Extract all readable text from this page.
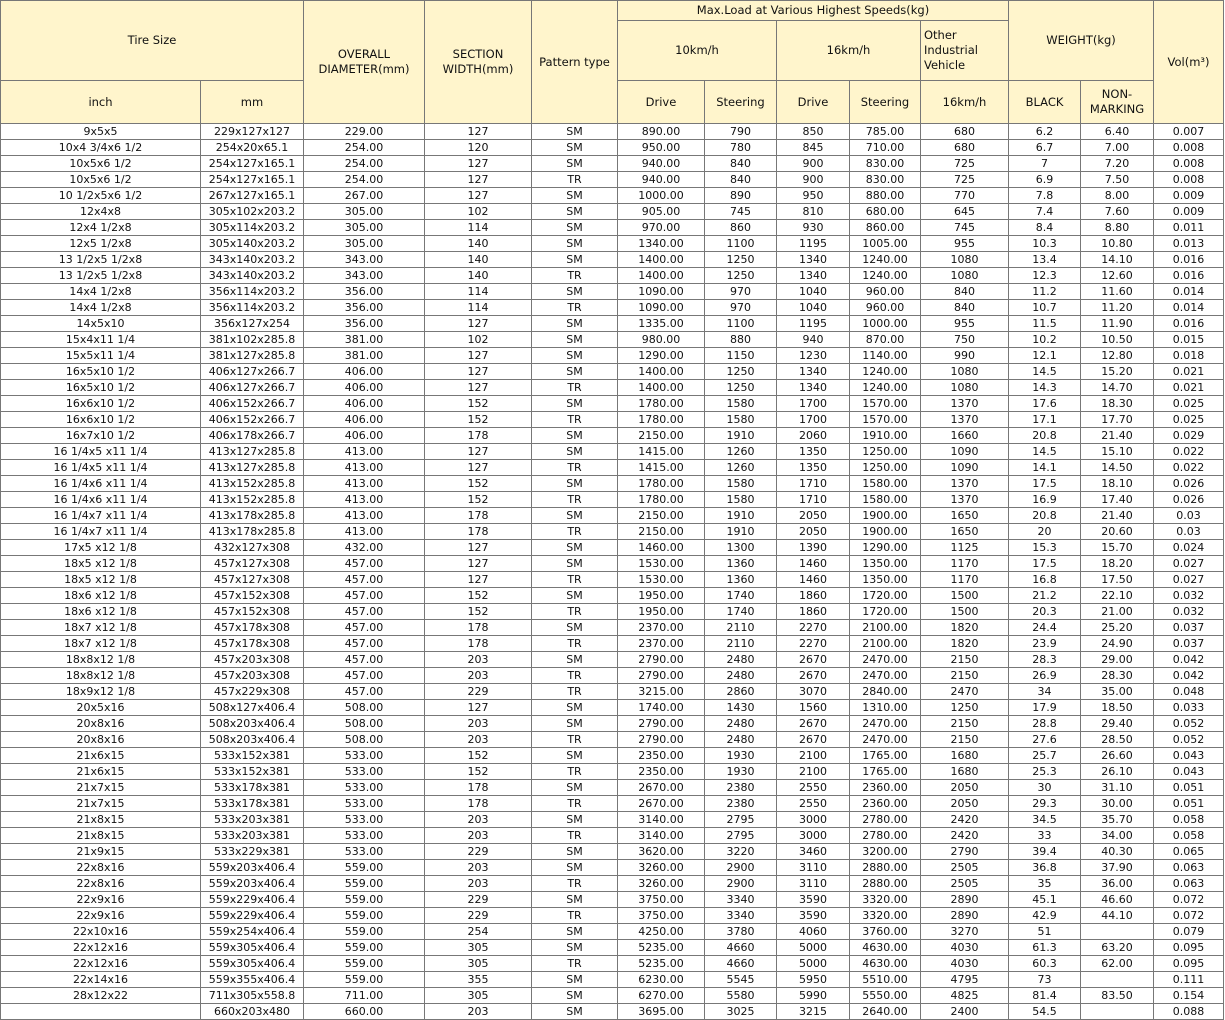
Tire Size		OVERALL DIAMETER(mm)	SECTION WIDTH(mm)	Pattern type	Max.Load at Various Highest Speeds(kg)					WEIGHT(kg)		Vol(m³)
					10km/h		16km/h		Other Industrial Vehicle			
inch	mm				Drive	Steering	Drive	Steering	16km/h	BLACK	NON-MARKING	
9x5x5	229x127x127	229.00	127	SM	890.00	790	850	785.00	680	6.2	6.40	0.007
10x4 3/4x6 1/2	254x20x65.1	254.00	120	SM	950.00	780	845	710.00	680	6.7	7.00	0.008
10x5x6 1/2	254x127x165.1	254.00	127	SM	940.00	840	900	830.00	725	7	7.20	0.008
10x5x6 1/2	254x127x165.1	254.00	127	TR	940.00	840	900	830.00	725	6.9	7.50	0.008
10 1/2x5x6 1/2	267x127x165.1	267.00	127	SM	1000.00	890	950	880.00	770	7.8	8.00	0.009
12x4x8	305x102x203.2	305.00	102	SM	905.00	745	810	680.00	645	7.4	7.60	0.009
12x4 1/2x8	305x114x203.2	305.00	114	SM	970.00	860	930	860.00	745	8.4	8.80	0.011
12x5 1/2x8	305x140x203.2	305.00	140	SM	1340.00	1100	1195	1005.00	955	10.3	10.80	0.013
13 1/2x5 1/2x8	343x140x203.2	343.00	140	SM	1400.00	1250	1340	1240.00	1080	13.4	14.10	0.016
13 1/2x5 1/2x8	343x140x203.2	343.00	140	TR	1400.00	1250	1340	1240.00	1080	12.3	12.60	0.016
14x4 1/2x8	356x114x203.2	356.00	114	SM	1090.00	970	1040	960.00	840	11.2	11.60	0.014
14x4 1/2x8	356x114x203.2	356.00	114	TR	1090.00	970	1040	960.00	840	10.7	11.20	0.014
14x5x10	356x127x254	356.00	127	SM	1335.00	1100	1195	1000.00	955	11.5	11.90	0.016
15x4x11 1/4	381x102x285.8	381.00	102	SM	980.00	880	940	870.00	750	10.2	10.50	0.015
15x5x11 1/4	381x127x285.8	381.00	127	SM	1290.00	1150	1230	1140.00	990	12.1	12.80	0.018
16x5x10 1/2	406x127x266.7	406.00	127	SM	1400.00	1250	1340	1240.00	1080	14.5	15.20	0.021
16x5x10 1/2	406x127x266.7	406.00	127	TR	1400.00	1250	1340	1240.00	1080	14.3	14.70	0.021
16x6x10 1/2	406x152x266.7	406.00	152	SM	1780.00	1580	1700	1570.00	1370	17.6	18.30	0.025
16x6x10 1/2	406x152x266.7	406.00	152	TR	1780.00	1580	1700	1570.00	1370	17.1	17.70	0.025
16x7x10 1/2	406x178x266.7	406.00	178	SM	2150.00	1910	2060	1910.00	1660	20.8	21.40	0.029
16 1/4x5 x11 1/4	413x127x285.8	413.00	127	SM	1415.00	1260	1350	1250.00	1090	14.5	15.10	0.022
16 1/4x5 x11 1/4	413x127x285.8	413.00	127	TR	1415.00	1260	1350	1250.00	1090	14.1	14.50	0.022
16 1/4x6 x11 1/4	413x152x285.8	413.00	152	SM	1780.00	1580	1710	1580.00	1370	17.5	18.10	0.026
16 1/4x6 x11 1/4	413x152x285.8	413.00	152	TR	1780.00	1580	1710	1580.00	1370	16.9	17.40	0.026
16 1/4x7 x11 1/4	413x178x285.8	413.00	178	SM	2150.00	1910	2050	1900.00	1650	20.8	21.40	0.03
16 1/4x7 x11 1/4	413x178x285.8	413.00	178	TR	2150.00	1910	2050	1900.00	1650	20	20.60	0.03
17x5 x12 1/8	432x127x308	432.00	127	SM	1460.00	1300	1390	1290.00	1125	15.3	15.70	0.024
18x5 x12 1/8	457x127x308	457.00	127	SM	1530.00	1360	1460	1350.00	1170	17.5	18.20	0.027
18x5 x12 1/8	457x127x308	457.00	127	TR	1530.00	1360	1460	1350.00	1170	16.8	17.50	0.027
18x6 x12 1/8	457x152x308	457.00	152	SM	1950.00	1740	1860	1720.00	1500	21.2	22.10	0.032
18x6 x12 1/8	457x152x308	457.00	152	TR	1950.00	1740	1860	1720.00	1500	20.3	21.00	0.032
18x7 x12 1/8	457x178x308	457.00	178	SM	2370.00	2110	2270	2100.00	1820	24.4	25.20	0.037
18x7 x12 1/8	457x178x308	457.00	178	TR	2370.00	2110	2270	2100.00	1820	23.9	24.90	0.037
18x8x12 1/8	457x203x308	457.00	203	SM	2790.00	2480	2670	2470.00	2150	28.3	29.00	0.042
18x8x12 1/8	457x203x308	457.00	203	TR	2790.00	2480	2670	2470.00	2150	26.9	28.30	0.042
18x9x12 1/8	457x229x308	457.00	229	TR	3215.00	2860	3070	2840.00	2470	34	35.00	0.048
20x5x16	508x127x406.4	508.00	127	SM	1740.00	1430	1560	1310.00	1250	17.9	18.50	0.033
20x8x16	508x203x406.4	508.00	203	SM	2790.00	2480	2670	2470.00	2150	28.8	29.40	0.052
20x8x16	508x203x406.4	508.00	203	TR	2790.00	2480	2670	2470.00	2150	27.6	28.50	0.052
21x6x15	533x152x381	533.00	152	SM	2350.00	1930	2100	1765.00	1680	25.7	26.60	0.043
21x6x15	533x152x381	533.00	152	TR	2350.00	1930	2100	1765.00	1680	25.3	26.10	0.043
21x7x15	533x178x381	533.00	178	SM	2670.00	2380	2550	2360.00	2050	30	31.10	0.051
21x7x15	533x178x381	533.00	178	TR	2670.00	2380	2550	2360.00	2050	29.3	30.00	0.051
21x8x15	533x203x381	533.00	203	SM	3140.00	2795	3000	2780.00	2420	34.5	35.70	0.058
21x8x15	533x203x381	533.00	203	TR	3140.00	2795	3000	2780.00	2420	33	34.00	0.058
21x9x15	533x229x381	533.00	229	SM	3620.00	3220	3460	3200.00	2790	39.4	40.30	0.065
22x8x16	559x203x406.4	559.00	203	SM	3260.00	2900	3110	2880.00	2505	36.8	37.90	0.063
22x8x16	559x203x406.4	559.00	203	TR	3260.00	2900	3110	2880.00	2505	35	36.00	0.063
22x9x16	559x229x406.4	559.00	229	SM	3750.00	3340	3590	3320.00	2890	45.1	46.60	0.072
22x9x16	559x229x406.4	559.00	229	TR	3750.00	3340	3590	3320.00	2890	42.9	44.10	0.072
22x10x16	559x254x406.4	559.00	254	SM	4250.00	3780	4060	3760.00	3270	51		0.079
22x12x16	559x305x406.4	559.00	305	SM	5235.00	4660	5000	4630.00	4030	61.3	63.20	0.095
22x12x16	559x305x406.4	559.00	305	TR	5235.00	4660	5000	4630.00	4030	60.3	62.00	0.095
22x14x16	559x355x406.4	559.00	355	SM	6230.00	5545	5950	5510.00	4795	73		0.111
28x12x22	711x305x558.8	711.00	305	SM	6270.00	5580	5990	5550.00	4825	81.4	83.50	0.154
	660x203x480	660.00	203	SM	3695.00	3025	3215	2640.00	2400	54.5		0.088
